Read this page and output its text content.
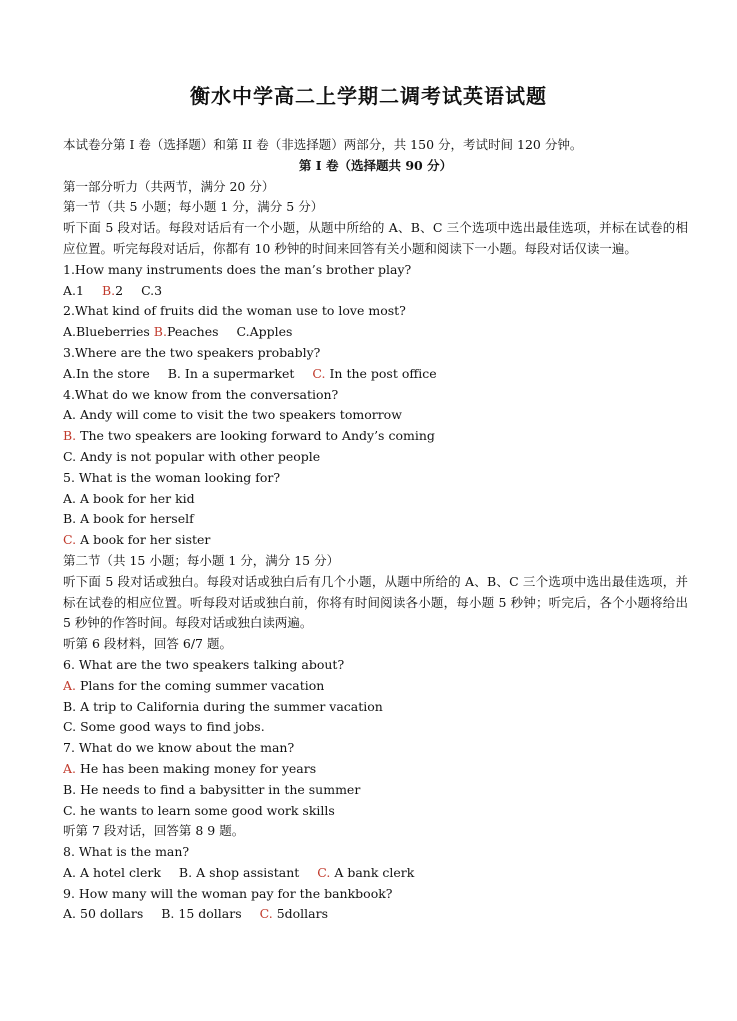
衡水中学高二上学期二调考试英语试题
本试卷分第 I 卷（选择题）和第 II 卷（非选择题）两部分，共 150 分，考试时间 120 分钟。
第 I 卷（选择题共 90 分）
第一部分听力（共两节，满分 20 分）
第一节（共 5 小题；每小题 1 分，满分 5 分）
听下面 5 段对话。每段对话后有一个小题，从题中所给的 A、B、C 三个选项中选出最佳选项，并标在试卷的相应位置。听完每段对话后，你都有 10 秒钟的时间来回答有关小题和阅读下一小题。每段对话仅读一遍。
1.How many instruments does the man’s brother play?
A.1 B.2 C.3
2.What kind of fruits did the woman use to love most?
A.Blueberries B.Peaches C.Apples
3.Where are the two speakers probably?
A.In the store B. In a supermarket C. In the post office
4.What do we know from the conversation?
A. Andy will come to visit the two speakers tomorrow
B. The two speakers are looking forward to Andy’s coming
C. Andy is not popular with other people
5. What is the woman looking for?
A. A book for her kid
B. A book for herself
C. A book for her sister
第二节（共 15 小题；每小题 1 分，满分 15 分）
听下面 5 段对话或独白。每段对话或独白后有几个小题，从题中所给的 A、B、C 三个选项中选出最佳选项，并标在试卷的相应位置。听每段对话或独白前，你将有时间阅读各小题，每小题 5 秒钟；听完后，各个小题将给出 5 秒钟的作答时间。每段对话或独白读两遍。
听第 6 段材料，回答 6/7 题。
6. What are the two speakers talking about?
A. Plans for the coming summer vacation
B. A trip to California during the summer vacation
C. Some good ways to find jobs.
7. What do we know about the man?
A. He has been making money for years
B. He needs to find a babysitter in the summer
C. he wants to learn some good work skills
听第 7 段对话，回答第 8 9 题。
8. What is the man?
A. A hotel clerk B. A shop assistant C. A bank clerk
9. How many will the woman pay for the bankbook?
A. 50 dollars B. 15 dollars C. 5dollars
